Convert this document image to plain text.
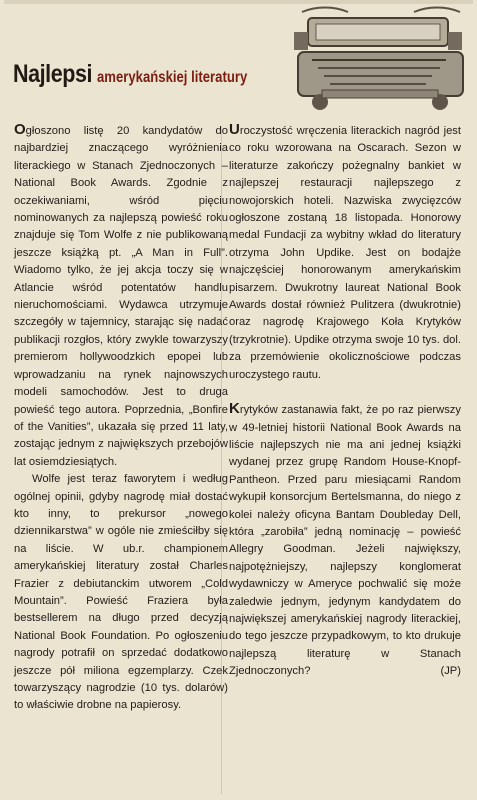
Najlepsi amerykańskiej literatury

Ogłoszono listę 20 kandydatów do najbardziej znaczącego wyróżnienia literackiego w Stanach Zjednoczonych – National Book Awards. Zgodnie z oczekiwaniami, wśród pięciu nominowanych za najlepszą powieść roku znajduje się Tom Wolfe z nie publikowaną jeszcze książką pt. „A Man in Full”. Wiadomo tylko, że jej akcja toczy się w Atlancie wśród potentatów handlu nieruchomościami. Wydawca utrzymuje szczegóły w tajemnicy, starając się nadać publikacji rozgłos, który zwykle towarzyszy premierom hollywoodzkich epopei lub wprowadzaniu na rynek najnowszych modeli samochodów. Jest to druga powieść tego autora. Poprzednia, „Bonfire of the Vanities”, ukazała się przed 11 laty, zostając jednym z największych przebojów lat osiemdziesiątych.

Wolfe jest teraz faworytem i według ogólnej opinii, gdyby nagrodę miał dostać kto inny, to prekursor „nowego dziennikarstwa” w ogóle nie zmieściłby się na liście. W ub.r. championem amerykańskiej literatury został Charles Frazier z debiutanckim utworem „Cold Mountain”. Powieść Fraziera była bestsellerem na długo przed decyzją National Book Foundation. Po ogłoszeniu nagrody potrafił on sprzedać dodatkowo jeszcze pół miliona egzemplarzy. Czek towarzyszący nagrodzie (10 tys. dolarów) to właściwie drobne na papierosy.

Uroczystość wręczenia literackich nagród jest co roku wzorowana na Oscarach. Sezon w literaturze zakończy pożegnalny bankiet w najlepszej restauracji najlepszego z nowojorskich hoteli. Nazwiska zwycięzców ogłoszone zostaną 18 listopada. Honorowy medal Fundacji za wybitny wkład do literatury otrzyma John Updike. Jest on bodajże najczęściej honorowanym amerykańskim pisarzem. Dwukrotny laureat National Book Awards dostał również Pulitzera (dwukrotnie) oraz nagrodę Krajowego Koła Krytyków (trzykrotnie). Updike otrzyma swoje 10 tys. dol. za przemówienie okolicznościowe podczas uroczystego rautu.

Krytyków zastanawia fakt, że po raz pierwszy w 49-letniej historii National Book Awards na liście najlepszych nie ma ani jednej książki wydanej przez grupę Random House-Knopf-Pantheon. Przed paru miesiącami Random wykupił konsorcjum Bertelsmanna, do niego z kolei należy oficyna Bantam Doubleday Dell, która „zarobiła” jedną nominację – powieść Allegry Goodman. Jeżeli największy, najpotężniejszy, najlepszy konglomerat wydawniczy w Ameryce pochwalić się może zaledwie jednym, jedynym kandydatem do największej amerykańskiej nagrody literackiej, do tego jeszcze przypadkowym, to kto drukuje najlepszą literaturę w Stanach Zjednoczonych?	(JP)
